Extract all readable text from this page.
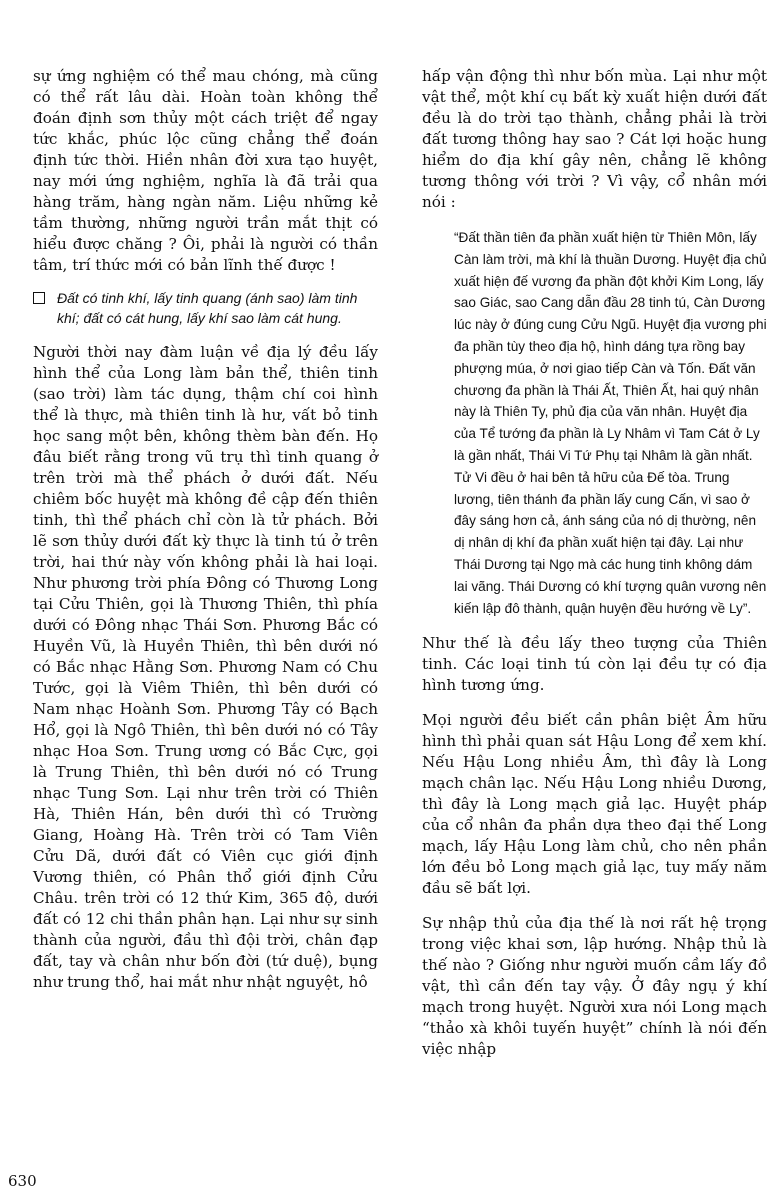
sự ứng nghiệm có thể mau chóng, mà cũng có thể rất lâu dài. Hoàn toàn không thể đoán định sơn thủy một cách triệt để ngay tức khắc, phúc lộc cũng chẳng thể đoán định tức thời. Hiền nhân đời xưa tạo huyệt, nay mới ứng nghiệm, nghĩa là đã trải qua hàng trăm, hàng ngàn năm. Liệu những kẻ tầm thường, những người trần mắt thịt có hiểu được chăng ? Ôi, phải là người có thần tâm, trí thức mới có bản lĩnh thế được !

Đất có tinh khí, lấy tinh quang (ánh sao) làm tinh khí; đất có cát hung, lấy khí sao làm cát hung.

Người thời nay đàm luận về địa lý đều lấy hình thể của Long làm bản thể, thiên tinh (sao trời) làm tác dụng, thậm chí coi hình thể là thực, mà thiên tinh là hư, vất bỏ tinh học sang một bên, không thèm bàn đến. Họ đâu biết rằng trong vũ trụ thì tinh quang ở trên trời mà thể phách ở dưới đất. Nếu chiêm bốc huyệt mà không đề cập đến thiên tinh, thì thể phách chỉ còn là tử phách. Bởi lẽ sơn thủy dưới đất kỳ thực là tinh tú ở trên trời, hai thứ này vốn không phải là hai loại. Như phương trời phía Đông có Thương Long tại Cửu Thiên, gọi là Thương Thiên, thì phía dưới có Đông nhạc Thái Sơn. Phương Bắc có Huyền Vũ, là Huyền Thiên, thì bên dưới nó có Bắc nhạc Hằng Sơn. Phương Nam có Chu Tước, gọi là Viêm Thiên, thì bên dưới có Nam nhạc Hoành Sơn. Phương Tây có Bạch Hổ, gọi là Ngô Thiên, thì bên dưới nó có Tây nhạc Hoa Sơn. Trung ương có Bắc Cực, gọi là Trung Thiên, thì bên dưới nó có Trung nhạc Tung Sơn. Lại như trên trời có Thiên Hà, Thiên Hán, bên dưới thì có Trường Giang, Hoàng Hà. Trên trời có Tam Viên Cửu Dã, dưới đất có Viên cục giới định Vương thiên, có Phân thổ giới định Cửu Châu. trên trời có 12 thứ Kim, 365 độ, dưới đất có 12 chi thần phân hạn. Lại như sự sinh thành của người, đầu thì đội trời, chân đạp đất, tay và chân như bốn đời (tứ duệ), bụng như trung thổ, hai mắt như nhật nguyệt, hô

hấp vận động thì như bốn mùa. Lại như một vật thể, một khí cụ bất kỳ xuất hiện dưới đất đều là do trời tạo thành, chẳng phải là trời đất tương thông hay sao ? Cát lợi hoặc hung hiểm do địa khí gây nên, chẳng lẽ không tương thông với trời ? Vì vậy, cổ nhân mới nói :

“Đất thần tiên đa phần xuất hiện từ Thiên Môn, lấy Càn làm trời, mà khí là thuần Dương. Huyệt địa chủ xuất hiện đế vương đa phần đột khởi Kim Long, lấy sao Giác, sao Cang dẫn đầu 28 tinh tú, Càn Dương lúc này ở đúng cung Cửu Ngũ. Huyệt địa vương phi đa phần tùy theo địa hộ, hình dáng tựa rồng bay phượng múa, ở nơi giao tiếp Càn và Tốn. Đất văn chương đa phần là Thái Ất, Thiên Ất, hai quý nhân này là Thiên Ty, phủ địa của văn nhân. Huyệt địa của Tể tướng đa phần là Ly Nhâm vì Tam Cát ở Ly là gần nhất, Thái Vi Tứ Phụ tại Nhâm là gần nhất. Tử Vi đều ở hai bên tả hữu của Đế tòa. Trung lương, tiên thánh đa phần lấy cung Cấn, vì sao ở đây sáng hơn cả, ánh sáng của nó dị thường, nên dị nhân dị khí đa phần xuất hiện tại đây. Lại như Thái Dương tại Ngọ mà các hung tinh không dám lai vãng. Thái Dương có khí tượng quân vương nên kiến lập đô thành, quận huyện đều hướng về Ly”.

Như thế là đều lấy theo tượng của Thiên tinh. Các loại tinh tú còn lại đều tự có địa hình tương ứng.

Mọi người đều biết cần phân biệt Âm hữu hình thì phải quan sát Hậu Long để xem khí. Nếu Hậu Long nhiều Âm, thì đây là Long mạch chân lạc. Nếu Hậu Long nhiều Dương, thì đây là Long mạch giả lạc. Huyệt pháp của cổ nhân đa phần dựa theo đại thế Long mạch, lấy Hậu Long làm chủ, cho nên phần lớn đều bỏ Long mạch giả lạc, tuy mấy năm đầu sẽ bất lợi.

Sự nhập thủ của địa thế là nơi rất hệ trọng trong việc khai sơn, lập hướng. Nhập thủ là thế nào ? Giống như người muốn cầm lấy đồ vật, thì cần đến tay vậy. Ở đây ngụ ý khí mạch trong huyệt. Người xưa nói Long mạch “thảo xà khôi tuyến huyệt” chính là nói đến việc nhập

630
